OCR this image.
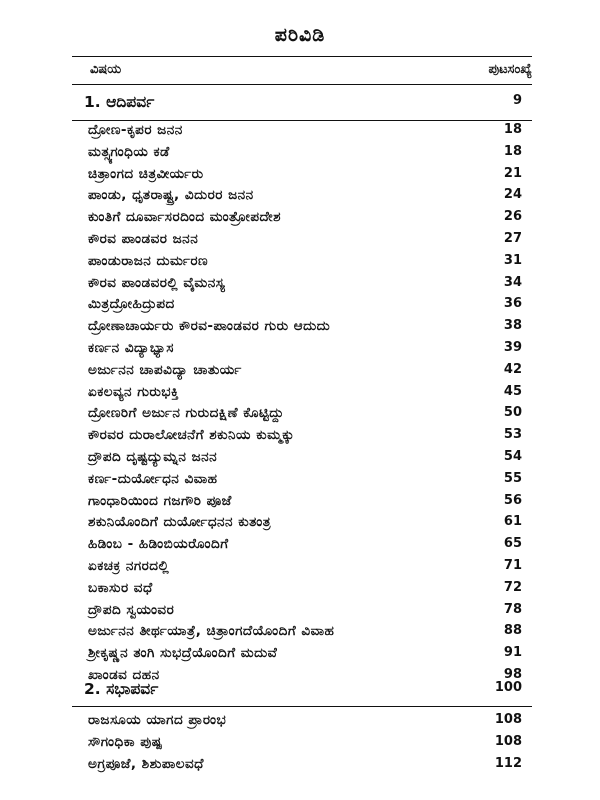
ಪರಿವಿಡಿ
ವಿಷಯ	ಪುಟಸಂಖ್ಯೆ
1. ಆದಿಪರ್ವ	9
ದ್ರೋಣ-ಕೃಪರ ಜನನ	18
ಮತ್ಸ್ಯಗಂಧಿಯ ಕಡೆ	18
ಚಿತ್ರಾಂಗದ ಚಿತ್ರವೀರ್ಯರು	21
ಪಾಂಡು, ಧೃತರಾಷ್ಟ್ರ, ವಿದುರರ ಜನನ	24
ಕುಂತಿಗೆ ದೂರ್ವಾಸರದಿಂದ ಮಂತ್ರೋಪದೇಶ	26
ಕೌರವ ಪಾಂಡವರ ಜನನ	27
ಪಾಂಡುರಾಜನ ದುರ್ಮರಣ	31
ಕೌರವ ಪಾಂಡವರಲ್ಲಿ ವೈಮನಸ್ಯ	34
ಮಿತ್ರದ್ರೋಹಿದ್ರುಪದ	36
ದ್ರೋಣಾಚಾರ್ಯರು ಕೌರವ-ಪಾಂಡವರ ಗುರು ಆದುದು	38
ಕರ್ಣನ ವಿದ್ಯಾಭ್ಯಾಸ	39
ಅರ್ಜುನನ ಚಾಪವಿದ್ಯಾ ಚಾತುರ್ಯ	42
ಏಕಲವ್ಯನ ಗುರುಭಕ್ತಿ	45
ದ್ರೋಣರಿಗೆ ಅರ್ಜುನ ಗುರುದಕ್ಷಿಣೆ ಕೊಟ್ಟಿದ್ದು	50
ಕೌರವರ ದುರಾಲೋಚನೆಗೆ ಶಕುನಿಯ ಕುಮ್ಮಕ್ಕು	53
ದ್ರೌಪದಿ ದೃಷ್ಟದ್ಯುಮ್ನನ ಜನನ	54
ಕರ್ಣ-ದುರ್ಯೋಧನ ವಿವಾಹ	55
ಗಾಂಧಾರಿಯಿಂದ ಗಜಗೌರಿ ಪೂಜೆ	56
ಶಕುನಿಯೊಂದಿಗೆ ದುರ್ಯೋಧನನ ಕುತಂತ್ರ	61
ಹಿಡಿಂಬ - ಹಿಡಿಂಬಿಯರೊಂದಿಗೆ	65
ಏಕಚಕ್ರ ನಗರದಲ್ಲಿ	71
ಬಕಾಸುರ ವಧೆ	72
ದ್ರೌಪದಿ ಸ್ವಯಂವರ	78
ಅರ್ಜುನನ ತೀರ್ಥಯಾತ್ರೆ, ಚಿತ್ರಾಂಗದೆಯೊಂದಿಗೆ ವಿವಾಹ	88
ಶ್ರೀಕೃಷ್ಣನ ತಂಗಿ ಸುಭದ್ರೆಯೊಂದಿಗೆ ಮದುವೆ	91
ಖಾಂಡವ ದಹನ	98
2. ಸಭಾಪರ್ವ	100
ರಾಜಸೂಯ ಯಾಗದ ಪ್ರಾರಂಭ	108
ಸೌಗಂಧಿಕಾ ಪುಷ್ಪ	108
ಅಗ್ರಪೂಜೆ, ಶಿಶುಪಾಲವಧೆ	112
